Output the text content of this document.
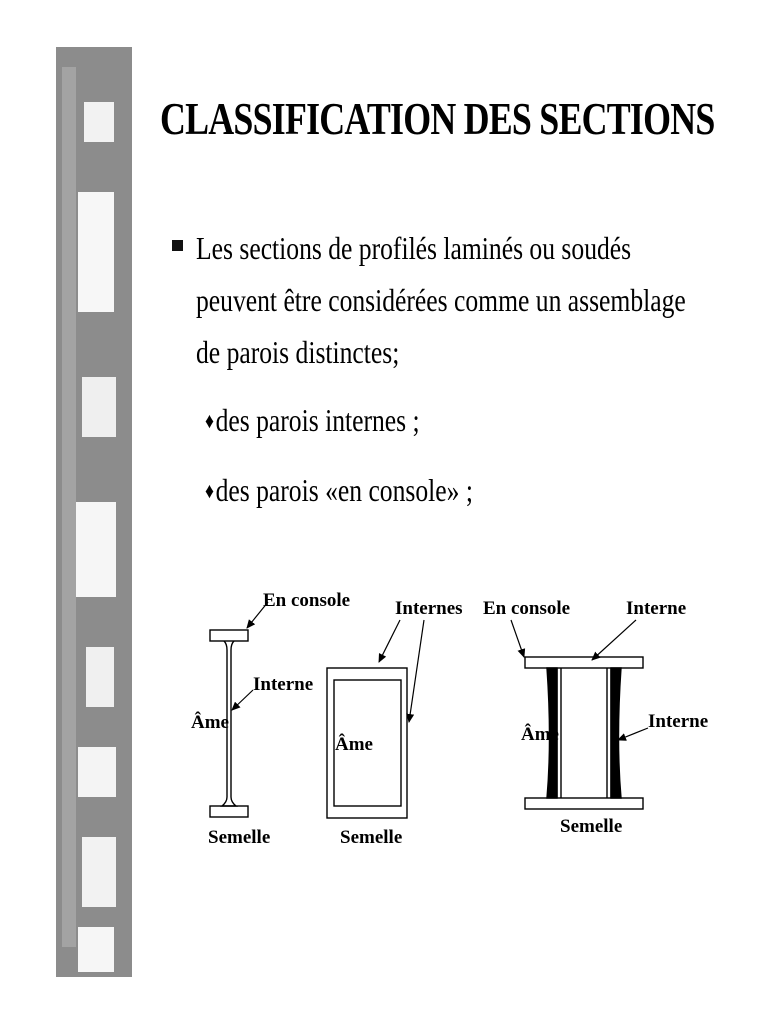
CLASSIFICATION DES SECTIONS
Les sections de profilés laminés ou soudés
peuvent être considérées comme un assemblage
de parois distinctes;
♦des parois internes ;
♦des parois «en console» ;
En console
Interne
Âme
Semelle
Internes
Âme
Semelle
En console	Interne
Âme
Interne
Semelle
